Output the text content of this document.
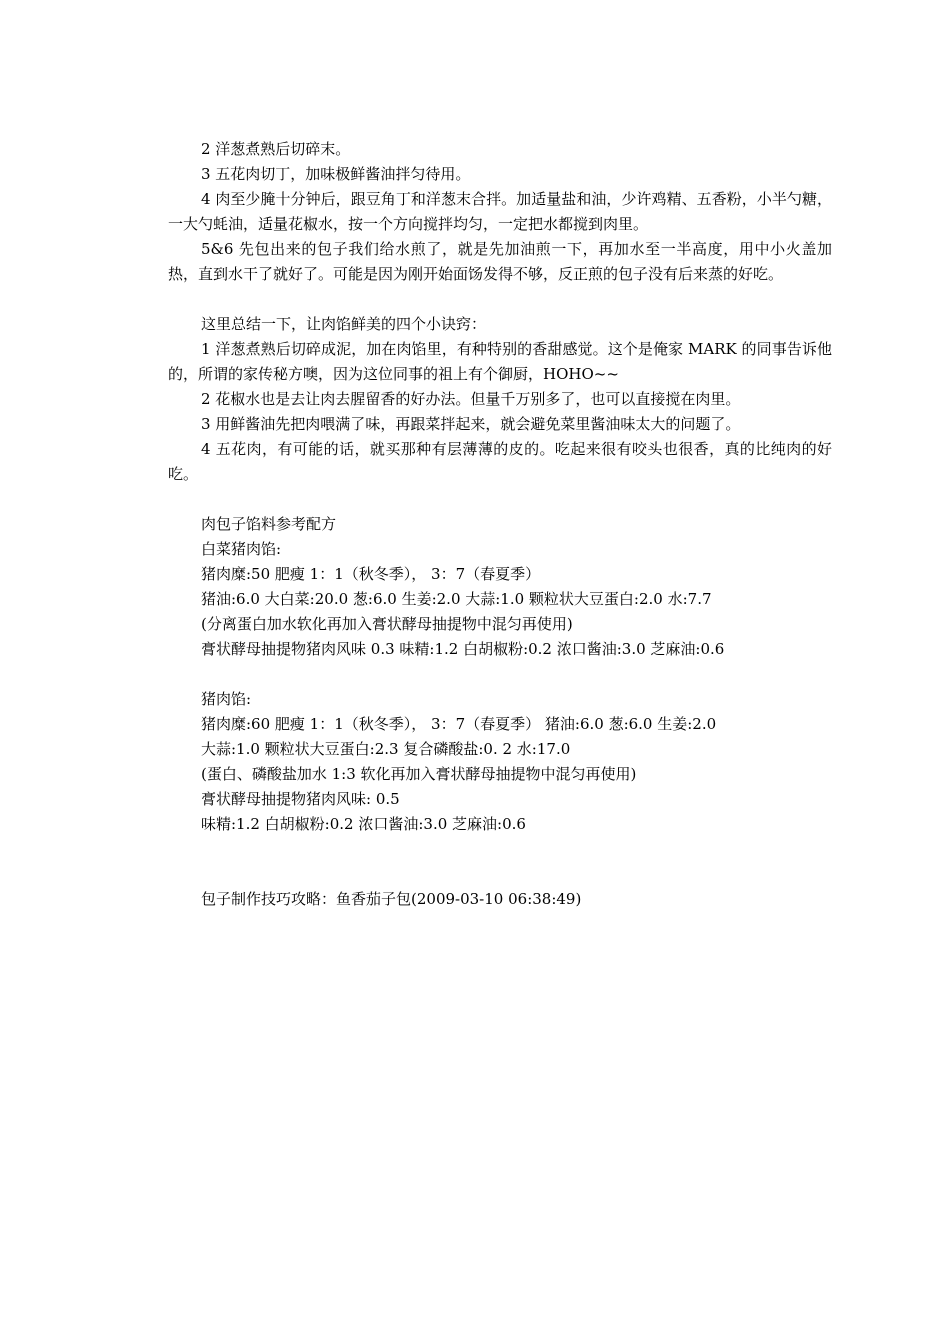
2 洋葱煮熟后切碎末。

3 五花肉切丁，加味极鲜酱油拌匀待用。

4 肉至少腌十分钟后，跟豆角丁和洋葱末合拌。加适量盐和油，少许鸡精、五香粉，小半勺糖，一大勺蚝油，适量花椒水，按一个方向搅拌均匀，一定把水都搅到肉里。

5&6 先包出来的包子我们给水煎了，就是先加油煎一下，再加水至一半高度，用中小火盖加热，直到水干了就好了。可能是因为刚开始面饧发得不够，反正煎的包子没有后来蒸的好吃。

这里总结一下，让肉馅鲜美的四个小诀窍：

1 洋葱煮熟后切碎成泥，加在肉馅里，有种特别的香甜感觉。这个是俺家 MARK 的同事告诉他的，所谓的家传秘方噢，因为这位同事的祖上有个御厨，HOHO~~

2 花椒水也是去让肉去腥留香的好办法。但量千万别多了，也可以直接搅在肉里。

3 用鲜酱油先把肉喂满了味，再跟菜拌起来，就会避免菜里酱油味太大的问题了。

4 五花肉，有可能的话，就买那种有层薄薄的皮的。吃起来很有咬头也很香，真的比纯肉的好吃。

肉包子馅料参考配方

白菜猪肉馅:

猪肉糜:50 肥瘦 1：1（秋冬季）， 3：7（春夏季）

猪油:6.0 大白菜:20.0 葱:6.0 生姜:2.0 大蒜:1.0 颗粒状大豆蛋白:2.0 水:7.7

(分离蛋白加水软化再加入膏状酵母抽提物中混匀再使用)

膏状酵母抽提物猪肉风味 0.3 味精:1.2 白胡椒粉:0.2 浓口酱油:3.0 芝麻油:0.6

猪肉馅:

猪肉糜:60 肥瘦 1：1（秋冬季）， 3：7（春夏季） 猪油:6.0 葱:6.0 生姜:2.0

大蒜:1.0 颗粒状大豆蛋白:2.3 复合磷酸盐:0. 2 水:17.0

(蛋白、磷酸盐加水 1:3 软化再加入膏状酵母抽提物中混匀再使用)

膏状酵母抽提物猪肉风味: 0.5

味精:1.2 白胡椒粉:0.2 浓口酱油:3.0 芝麻油:0.6

包子制作技巧攻略：鱼香茄子包(2009-03-10 06:38:49)
